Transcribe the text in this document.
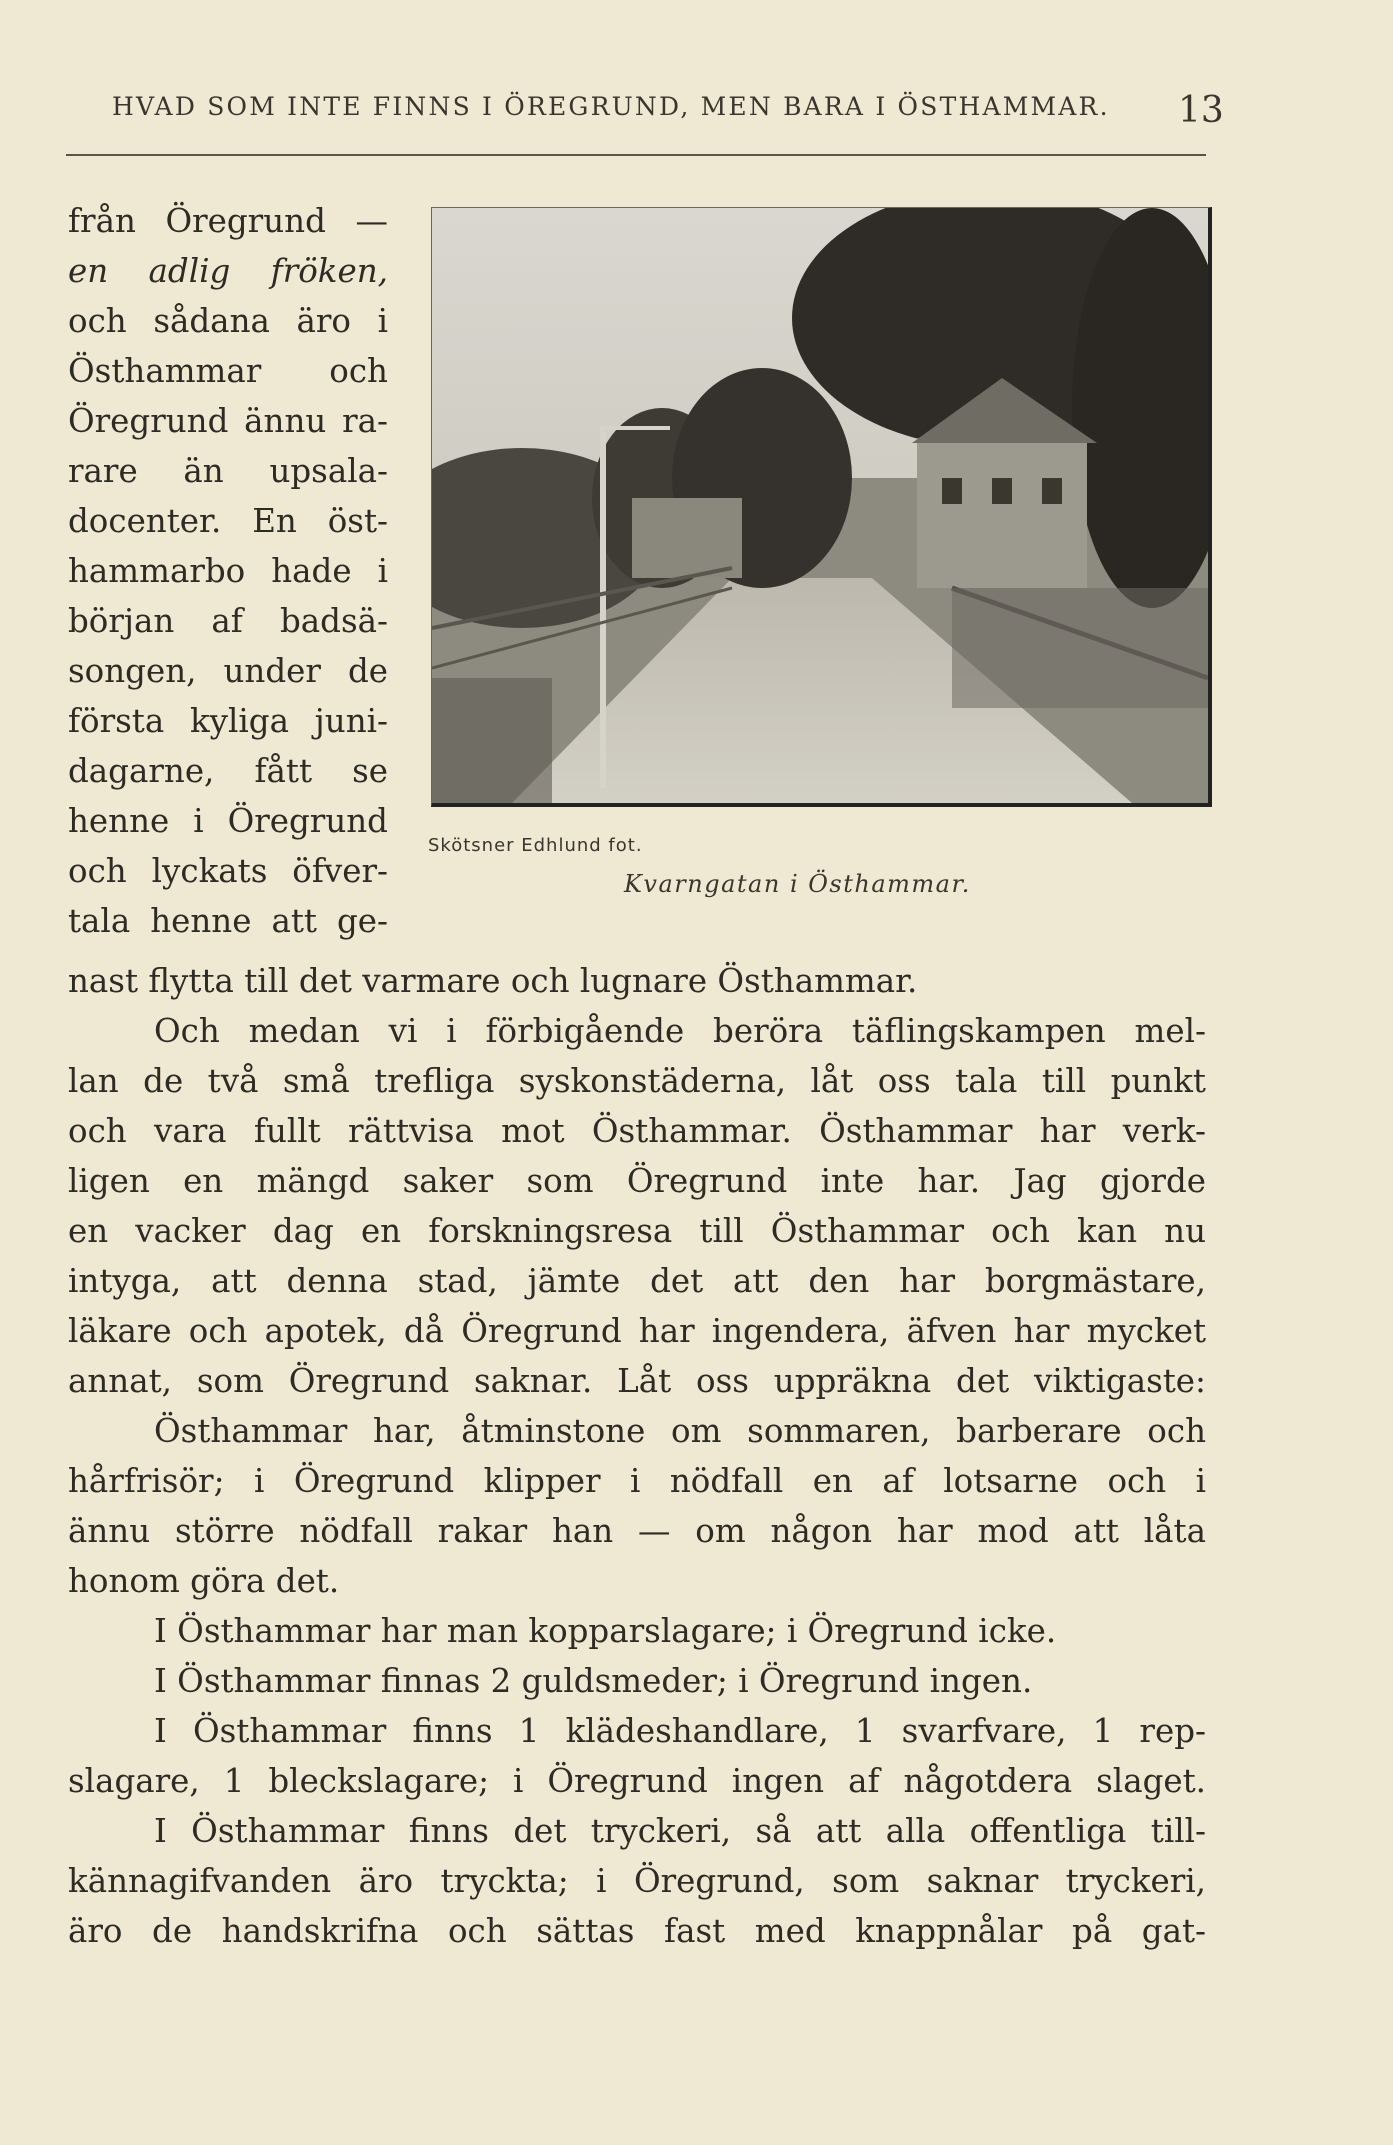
HVAD SOM INTE FINNS I ÖREGRUND, MEN BARA I ÖSTHAMMAR.	13
från Öregrund —
en adlig fröken,
och sådana äro i
Östhammar och
Öregrund ännu ra-
rare än upsala-
docenter. En öst-
hammarbo hade i
början af badsä-
songen, under de
första kyliga juni-
dagarne, fått se
henne i Öregrund
och lyckats öfver-
tala henne att ge-
Skötsner Edhlund fot.
Kvarngatan i Östhammar.
nast flytta till det varmare och lugnare Östhammar.
Och medan vi i förbigående beröra täflingskampen mel-
lan de två små trefliga syskonstäderna, låt oss tala till punkt
och vara fullt rättvisa mot Östhammar. Östhammar har verk-
ligen en mängd saker som Öregrund inte har. Jag gjorde
en vacker dag en forskningsresa till Östhammar och kan nu
intyga, att denna stad, jämte det att den har borgmästare,
läkare och apotek, då Öregrund har ingendera, äfven har mycket
annat, som Öregrund saknar. Låt oss uppräkna det viktigaste:
Östhammar har, åtminstone om sommaren, barberare och
hårfrisör; i Öregrund klipper i nödfall en af lotsarne och i
ännu större nödfall rakar han — om någon har mod att låta
honom göra det.
I Östhammar har man kopparslagare; i Öregrund icke.
I Östhammar finnas 2 guldsmeder; i Öregrund ingen.
I Östhammar finns 1 klädeshandlare, 1 svarfvare, 1 rep-
slagare, 1 bleckslagare; i Öregrund ingen af någotdera slaget.
I Östhammar finns det tryckeri, så att alla offentliga till-
kännagifvanden äro tryckta; i Öregrund, som saknar tryckeri,
äro de handskrifna och sättas fast med knappnålar på gat-
